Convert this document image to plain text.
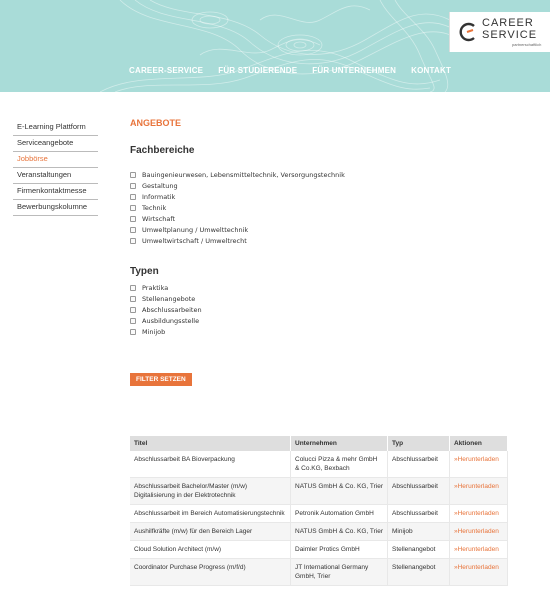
CAREER
SERVICE
partnerschaftlich
CAREER-SERVICE FÜR STUDIERENDE FÜR UNTERNEHMEN KONTAKT
E-Learning Plattform
Serviceangebote
Jobbörse
Veranstaltungen
Firmenkontaktmesse
Bewerbungskolumne
ANGEBOTE
Fachbereiche
Bauingenieurwesen, Lebensmitteltechnik, Versorgungstechnik
Gestaltung
Informatik
Technik
Wirtschaft
Umweltplanung / Umwelttechnik
Umweltwirtschaft / Umweltrecht
Typen
Praktika
Stellenangebote
Abschlussarbeiten
Ausbildungsstelle
Minijob
FILTER SETZEN
Titel	Unternehmen	Typ	Aktionen
Abschlussarbeit BA Bioverpackung	Colucci Pizza & mehr GmbH & Co.KG, Bexbach	Abschlussarbeit	»Herunterladen
Abschlussarbeit Bachelor/Master (m/w) Digitalisierung in der Elektrotechnik	NATUS GmbH & Co. KG, Trier	Abschlussarbeit	»Herunterladen
Abschlussarbeit im Bereich Automatisierungstechnik	Petronik Automation GmbH	Abschlussarbeit	»Herunterladen
Aushilfkräfte (m/w) für den Bereich Lager	NATUS GmbH & Co. KG, Trier	Minijob	»Herunterladen
Cloud Solution Architect (m/w)	Daimler Protics GmbH	Stellenangebot	»Herunterladen
Coordinator Purchase Progress (m/f/d)	JT International Germany GmbH, Trier	Stellenangebot	»Herunterladen
